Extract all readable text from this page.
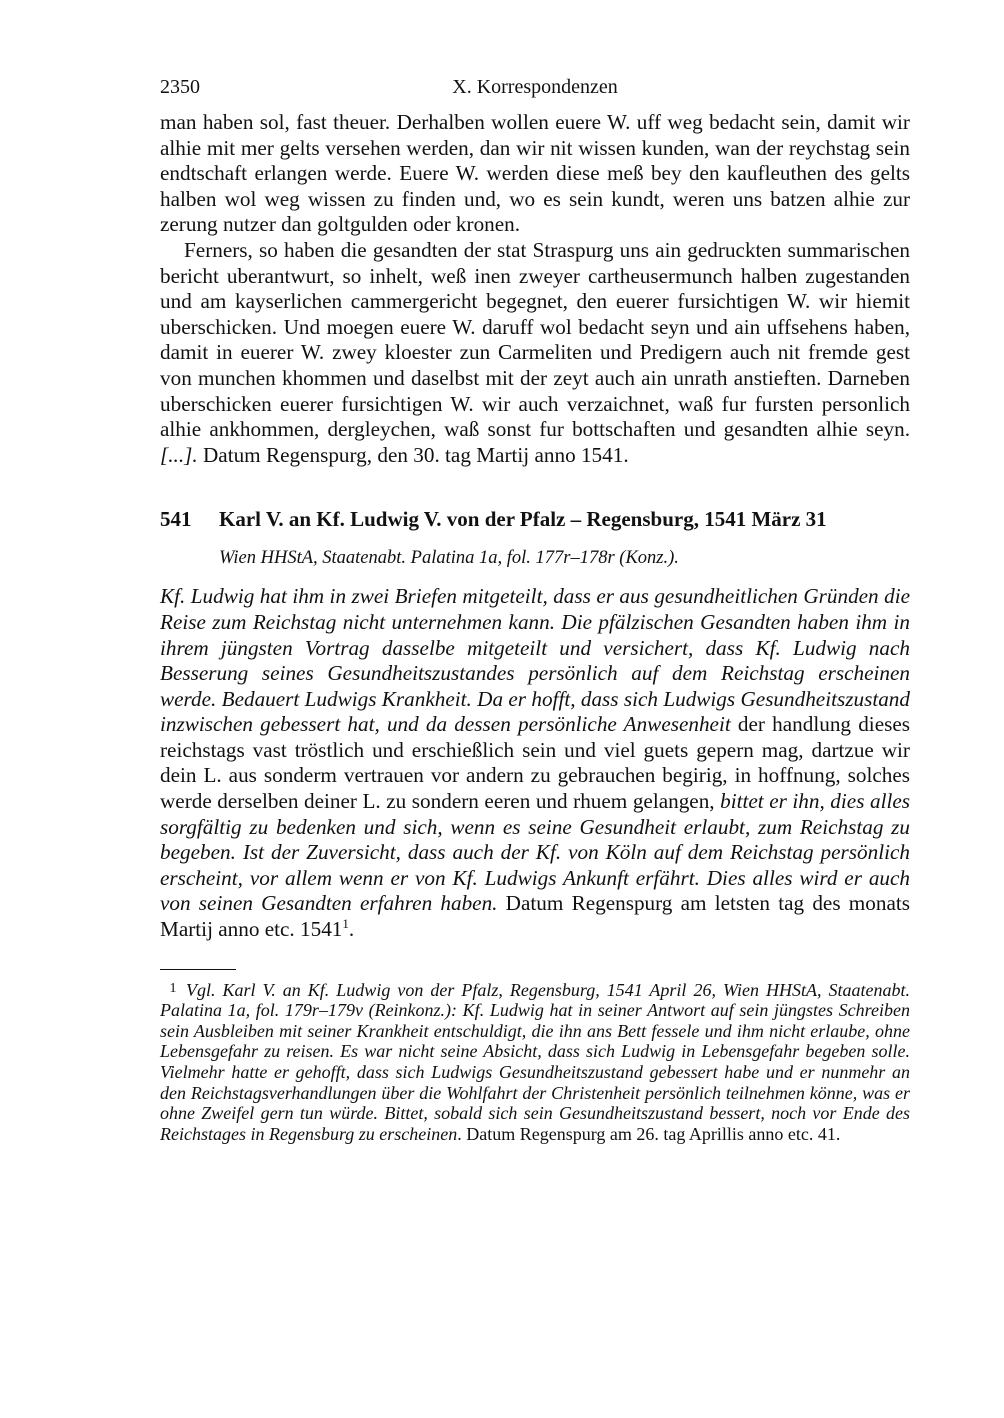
2350	X. Korrespondenzen

man haben sol, fast theuer. Derhalben wollen euere W. uff weg bedacht sein, damit wir alhie mit mer gelts versehen werden, dan wir nit wissen kunden, wan der reychstag sein endtschaft erlangen werde. Euere W. werden diese meß bey den kaufleuthen des gelts halben wol weg wissen zu finden und, wo es sein kundt, weren uns batzen alhie zur zerung nutzer dan goltgulden oder kronen.

Ferners, so haben die gesandten der stat Straspurg uns ain gedruckten summarischen bericht uberantwurt, so inhelt, weß inen zweyer cartheusermunch halben zugestanden und am kayserlichen cammergericht begegnet, den euerer fursichtigen W. wir hiemit uberschicken. Und moegen euere W. daruff wol bedacht seyn und ain uffsehens haben, damit in euerer W. zwey kloester zun Carmeliten und Predigern auch nit fremde gest von munchen khommen und daselbst mit der zeyt auch ain unrath anstieften. Darneben uberschicken euerer fursichtigen W. wir auch verzaichnet, waß fur fursten personlich alhie ankhommen, dergleychen, waß sonst fur bottschaften und gesandten alhie seyn. [...]. Datum Regenspurg, den 30. tag Martij anno 1541.

541 Karl V. an Kf. Ludwig V. von der Pfalz – Regensburg, 1541 März 31
Wien HHStA, Staatenabt. Palatina 1a, fol. 177r–178r (Konz.).

Kf. Ludwig hat ihm in zwei Briefen mitgeteilt, dass er aus gesundheitlichen Gründen die Reise zum Reichstag nicht unternehmen kann. Die pfälzischen Gesandten haben ihm in ihrem jüngsten Vortrag dasselbe mitgeteilt und versichert, dass Kf. Ludwig nach Besserung seines Gesundheitszustandes persönlich auf dem Reichstag erscheinen werde. Bedauert Ludwigs Krankheit. Da er hofft, dass sich Ludwigs Gesundheitszustand inzwischen gebessert hat, und da dessen persönliche Anwesenheit der handlung dieses reichstags vast tröstlich und erschießlich sein und viel guets gepern mag, dartzue wir dein L. aus sonderm vertrauen vor andern zu gebrauchen begirig, in hoffnung, solches werde derselben deiner L. zu sondern eeren und rhuem gelangen, bittet er ihn, dies alles sorgfältig zu bedenken und sich, wenn es seine Gesundheit erlaubt, zum Reichstag zu begeben. Ist der Zuversicht, dass auch der Kf. von Köln auf dem Reichstag persönlich erscheint, vor allem wenn er von Kf. Ludwigs Ankunft erfährt. Dies alles wird er auch von seinen Gesandten erfahren haben. Datum Regenspurg am letsten tag des monats Martij anno etc. 1541$^1$.

1 Vgl. Karl V. an Kf. Ludwig von der Pfalz, Regensburg, 1541 April 26, Wien HHStA, Staatenabt. Palatina 1a, fol. 179r–179v (Reinkonz.): Kf. Ludwig hat in seiner Antwort auf sein jüngstes Schreiben sein Ausbleiben mit seiner Krankheit entschuldigt, die ihn ans Bett fessele und ihm nicht erlaube, ohne Lebensgefahr zu reisen. Es war nicht seine Absicht, dass sich Ludwig in Lebensgefahr begeben solle. Vielmehr hatte er gehofft, dass sich Ludwigs Gesundheitszustand gebessert habe und er nunmehr an den Reichstagsverhandlungen über die Wohlfahrt der Christenheit persönlich teilnehmen könne, was er ohne Zweifel gern tun würde. Bittet, sobald sich sein Gesundheitszustand bessert, noch vor Ende des Reichstages in Regensburg zu erscheinen. Datum Regenspurg am 26. tag Aprillis anno etc. 41.
